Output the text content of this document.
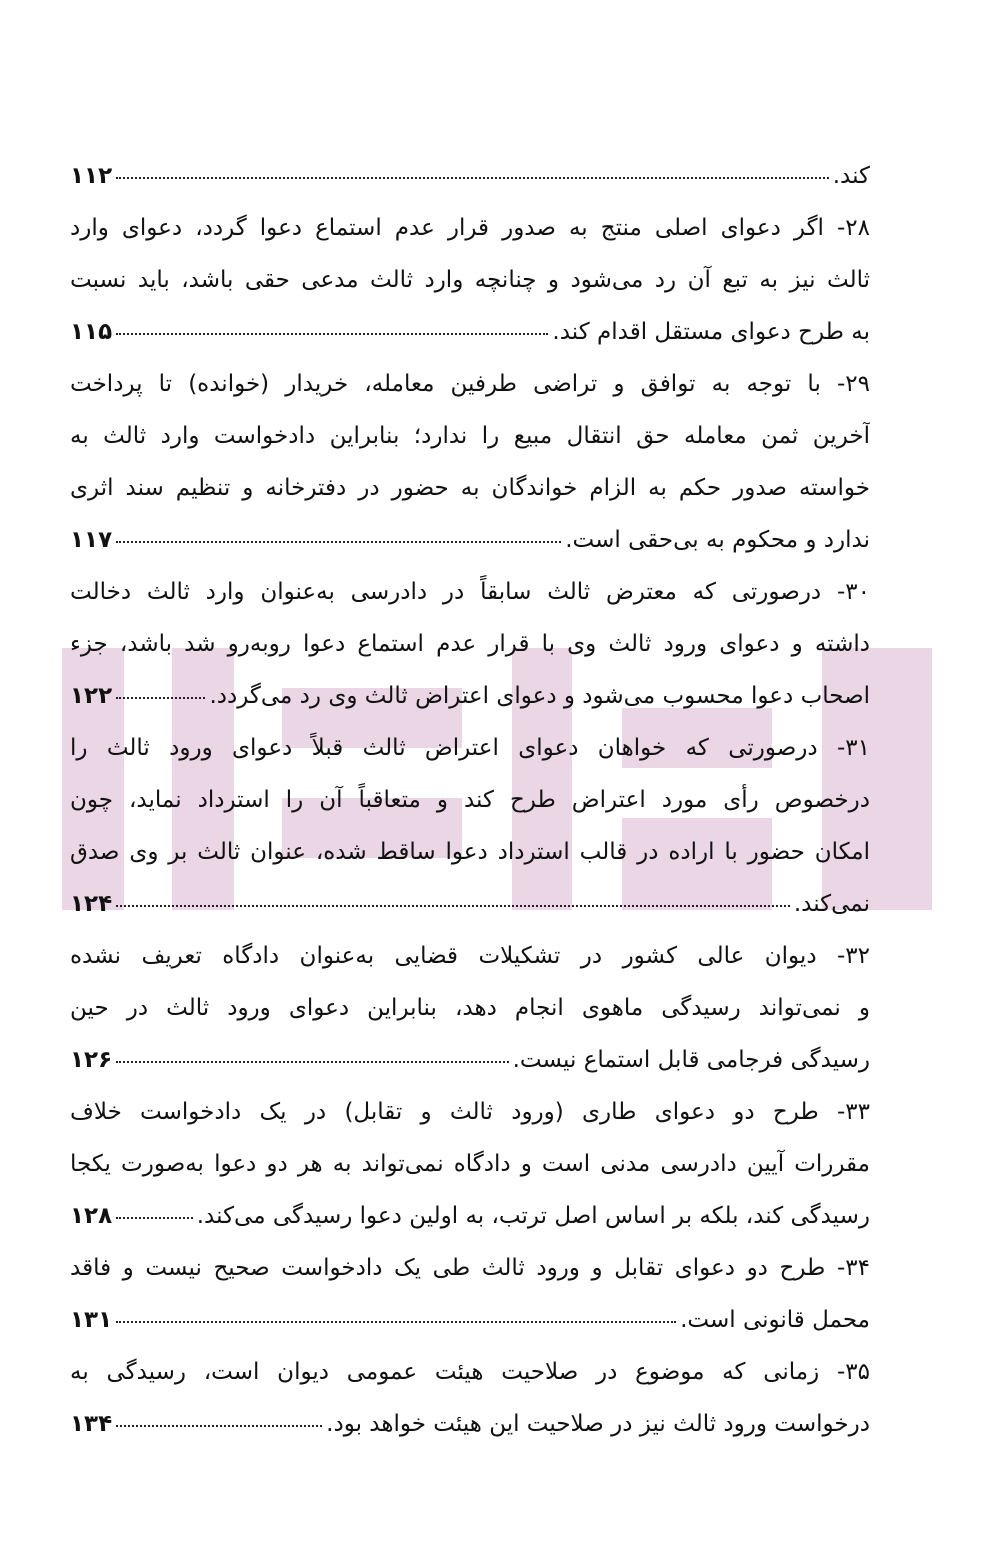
کند.
۱۱۲
۲۸- اگر دعوای اصلی منتج به صدور قرار عدم استماع دعوا گردد، دعوای وارد
ثالث نیز به تبع آن رد می‌شود و چنانچه وارد ثالث مدعی حقی باشد، باید نسبت
به طرح دعوای مستقل اقدام کند.
۱۱۵
۲۹- با توجه به توافق و تراضی طرفین معامله، خریدار (خوانده) تا پرداخت
آخرین ثمن معامله حق انتقال مبیع را ندارد؛ بنابراین دادخواست وارد ثالث به
خواسته صدور حکم به الزام خواندگان به حضور در دفترخانه و تنظیم سند اثری
ندارد و محکوم به بی‌حقی است.
۱۱۷
۳۰- درصورتی که معترض ثالث سابقاً در دادرسی به‌عنوان وارد ثالث دخالت
داشته و دعوای ورود ثالث وی با قرار عدم استماع دعوا روبه‌رو شد باشد، جزء
اصحاب دعوا محسوب می‌شود و دعوای اعتراض ثالث وی رد می‌گردد.
۱۲۲
۳۱- درصورتی که خواهان دعوای اعتراض ثالث قبلاً دعوای ورود ثالث را
درخصوص رأی مورد اعتراض طرح کند و متعاقباً آن را استرداد نماید، چون
امکان حضور با اراده در قالب استرداد دعوا ساقط شده، عنوان ثالث بر وی صدق
نمی‌کند.
۱۲۴
۳۲- دیوان عالی کشور در تشکیلات قضایی به‌عنوان دادگاه تعریف نشده
و نمی‌تواند رسیدگی ماهوی انجام دهد، بنابراین دعوای ورود ثالث در حین
رسیدگی فرجامی قابل استماع نیست.
۱۲۶
۳۳- طرح دو دعوای طاری (ورود ثالث و تقابل) در یک دادخواست خلاف
مقررات آیین دادرسی مدنی است و دادگاه نمی‌تواند به هر دو دعوا به‌صورت یکجا
رسیدگی کند، بلکه بر اساس اصل ترتب، به اولین دعوا رسیدگی می‌کند.
۱۲۸
۳۴- طرح دو دعوای تقابل و ورود ثالث طی یک دادخواست صحیح نیست و فاقد
محمل قانونی است.
۱۳۱
۳۵- زمانی که موضوع در صلاحیت هیئت عمومی دیوان است، رسیدگی به
درخواست ورود ثالث نیز در صلاحیت این هیئت خواهد بود.
۱۳۴
